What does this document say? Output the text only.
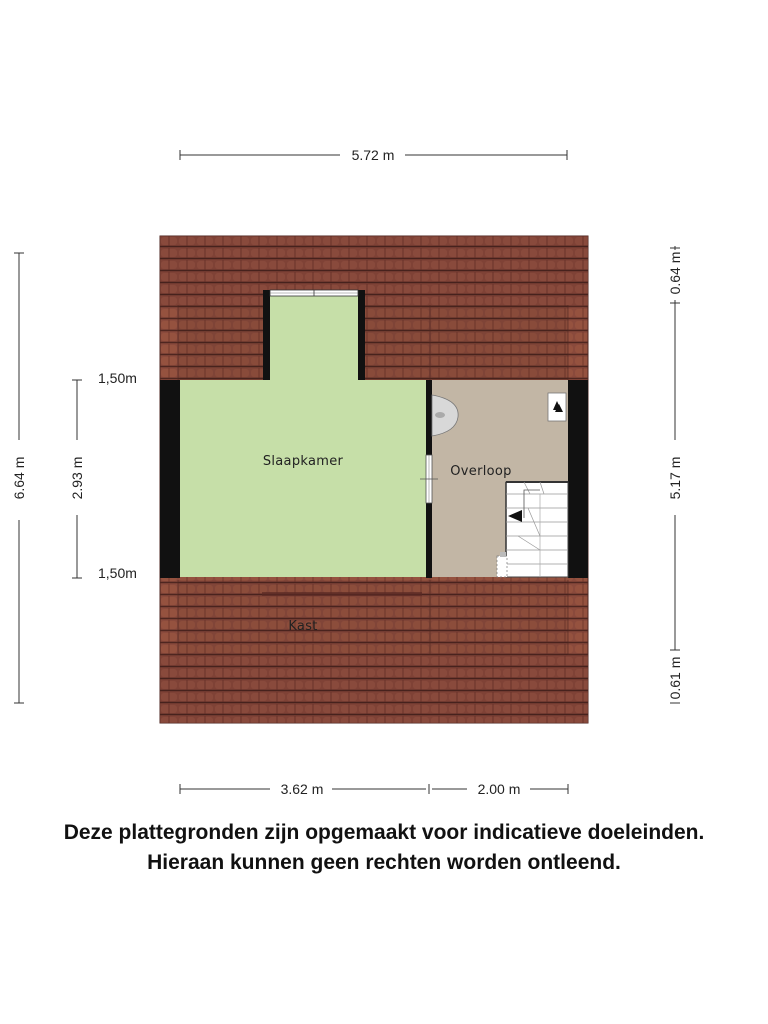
5.72 m
6.64 m	2.93 m
1,50m
1,50m
0.64 m
5.17 m
0.61 m
3.62 m	2.00 m
Slaapkamer
Overloop
Kast
Deze plattegronden zijn opgemaakt voor indicatieve doeleinden.
Hieraan kunnen geen rechten worden ontleend.
